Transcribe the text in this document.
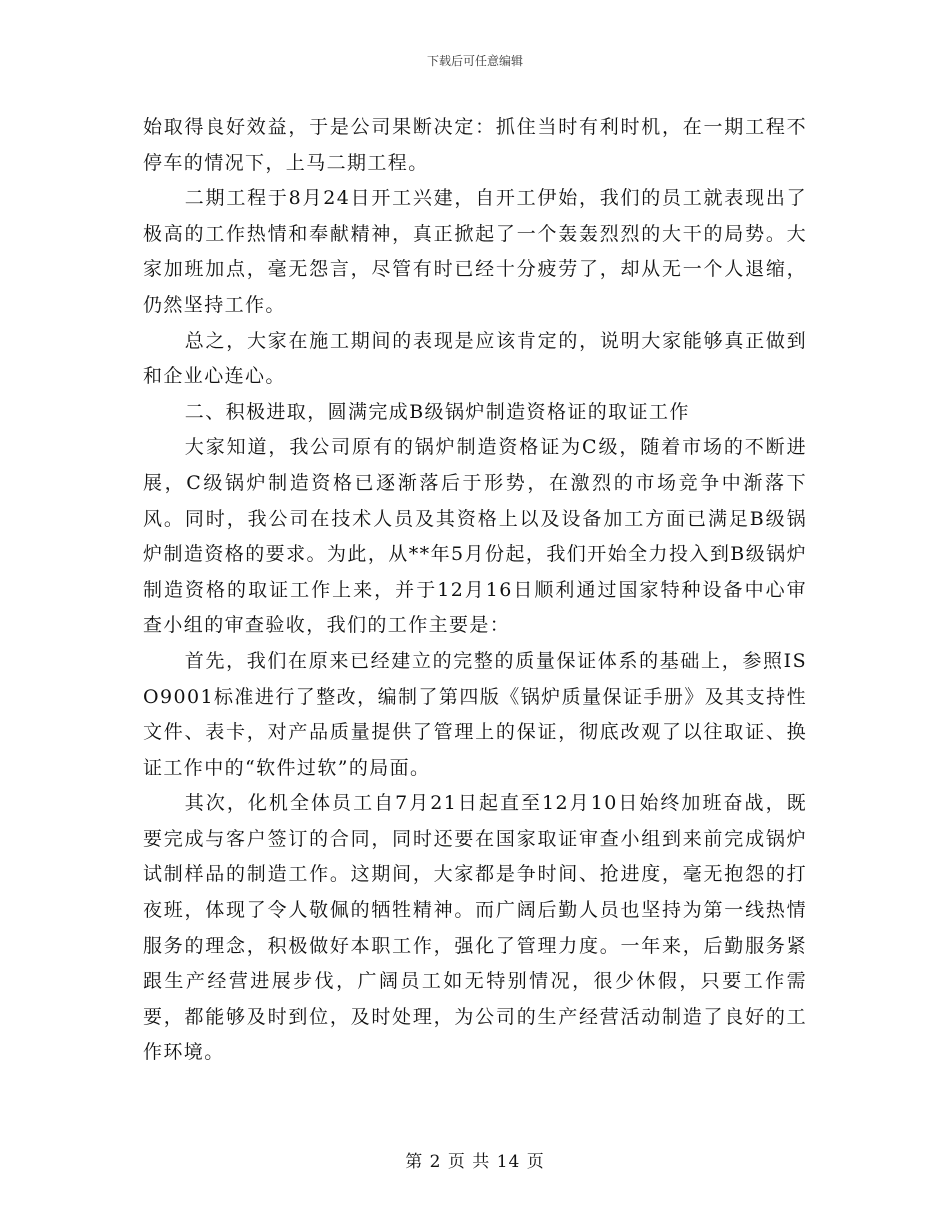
下载后可任意编辑

始取得良好效益，于是公司果断决定：抓住当时有利时机，在一期工程不停车的情况下，上马二期工程。

二期工程于8月24日开工兴建，自开工伊始，我们的员工就表现出了极高的工作热情和奉献精神，真正掀起了一个轰轰烈烈的大干的局势。大家加班加点，毫无怨言，尽管有时已经十分疲劳了，却从无一个人退缩，仍然坚持工作。

总之，大家在施工期间的表现是应该肯定的，说明大家能够真正做到和企业心连心。

二、积极进取，圆满完成B级锅炉制造资格证的取证工作

大家知道，我公司原有的锅炉制造资格证为C级，随着市场的不断进展，C级锅炉制造资格已逐渐落后于形势，在激烈的市场竞争中渐落下风。同时，我公司在技术人员及其资格上以及设备加工方面已满足B级锅炉制造资格的要求。为此，从**年5月份起，我们开始全力投入到B级锅炉制造资格的取证工作上来，并于12月16日顺利通过国家特种设备中心审查小组的审查验收，我们的工作主要是：

首先，我们在原来已经建立的完整的质量保证体系的基础上，参照ISO9001标准进行了整改，编制了第四版《锅炉质量保证手册》及其支持性文件、表卡，对产品质量提供了管理上的保证，彻底改观了以往取证、换证工作中的“软件过软”的局面。

其次，化机全体员工自7月21日起直至12月10日始终加班奋战，既要完成与客户签订的合同，同时还要在国家取证审查小组到来前完成锅炉试制样品的制造工作。这期间，大家都是争时间、抢进度，毫无抱怨的打夜班，体现了令人敬佩的牺牲精神。而广阔后勤人员也坚持为第一线热情服务的理念，积极做好本职工作，强化了管理力度。一年来，后勤服务紧跟生产经营进展步伐，广阔员工如无特别情况，很少休假，只要工作需要，都能够及时到位，及时处理，为公司的生产经营活动制造了良好的工作环境。

第 2 页 共 14 页
